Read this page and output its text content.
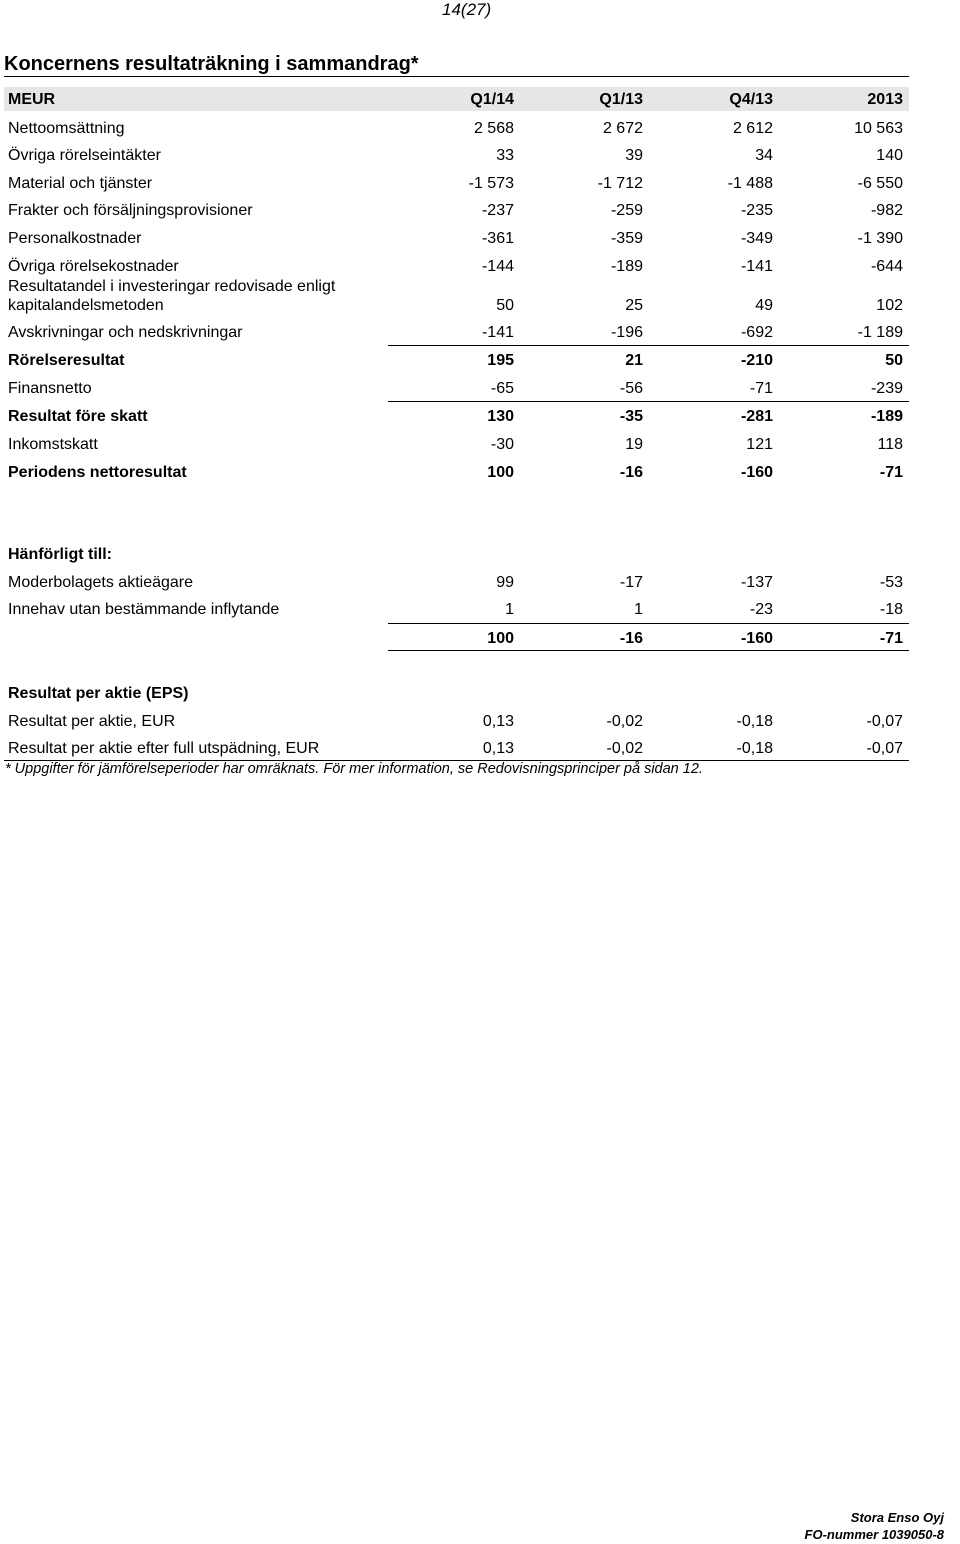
14(27)
Koncernens resultaträkning i sammandrag*
MEUR	Q1/14	Q1/13	Q4/13	2013
Nettoomsättning	2 568	2 672	2 612	10 563
Övriga rörelseintäkter	33	39	34	140
Material och tjänster	-1 573	-1 712	-1 488	-6 550
Frakter och försäljningsprovisioner	-237	-259	-235	-982
Personalkostnader	-361	-359	-349	-1 390
Övriga rörelsekostnader	-144	-189	-141	-644
Resultatandel i investeringar redovisade enligt
kapitalandelsmetoden	50	25	49	102
Avskrivningar och nedskrivningar	-141	-196	-692	-1 189
Rörelseresultat	195	21	-210	50
Finansnetto	-65	-56	-71	-239
Resultat före skatt	130	-35	-281	-189
Inkomstskatt	-30	19	121	118
Periodens nettoresultat	100	-16	-160	-71
Hänförligt till:
Moderbolagets aktieägare	99	-17	-137	-53
Innehav utan bestämmande inflytande	1	1	-23	-18
100	-16	-160	-71
Resultat per aktie (EPS)
Resultat per aktie, EUR	0,13	-0,02	-0,18	-0,07
Resultat per aktie efter full utspädning, EUR	0,13	-0,02	-0,18	-0,07
* Uppgifter för jämförelseperioder har omräknats. För mer information, se Redovisningsprinciper på sidan 12.
Stora Enso Oyj
FO-nummer 1039050-8
